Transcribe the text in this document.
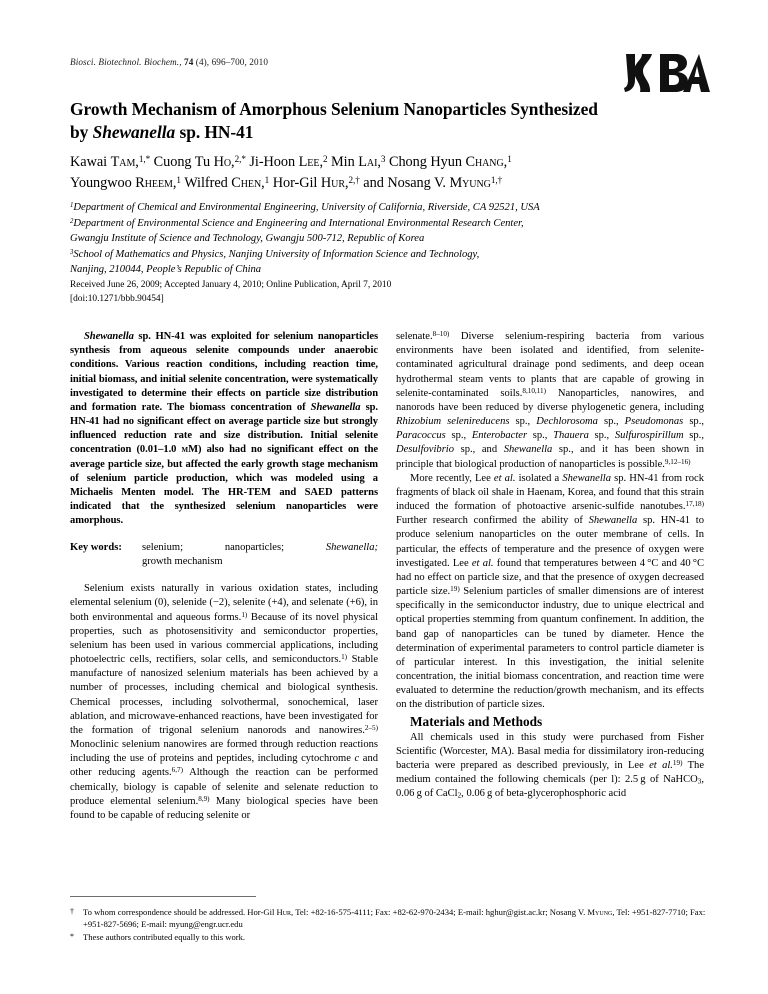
Biosci. Biotechnol. Biochem., 74 (4), 696–700, 2010
Growth Mechanism of Amorphous Selenium Nanoparticles Synthesized
by Shewanella sp. HN-41
Kawai Tam,$^{1,*}$ Cuong Tu Ho,$^{2,*}$ Ji-Hoon Lee,$^2$ Min Lai,$^3$ Chong Hyun Chang,$^1$
Youngwoo Rheem,$^1$ Wilfred Chen,$^1$ Hor-Gil Hur,$^{2,\dagger}$ and Nosang V. Myung$^{1,\dagger}$
$^1$Department of Chemical and Environmental Engineering, University of California, Riverside, CA 92521, USA
$^2$Department of Environmental Science and Engineering and International Environmental Research Center,
Gwangju Institute of Science and Technology, Gwangju 500-712, Republic of Korea
$^3$School of Mathematics and Physics, Nanjing University of Information Science and Technology,
Nanjing, 210044, People’s Republic of China
Received June 26, 2009; Accepted January 4, 2010; Online Publication, April 7, 2010
[doi:10.1271/bbb.90454]

Shewanella sp. HN-41 was exploited for selenium nanoparticles synthesis from aqueous selenite compounds under anaerobic conditions. Various reaction conditions, including reaction time, initial biomass, and initial selenite concentration, were systematically investigated to determine their effects on particle size distribution and formation rate. The biomass concentration of Shewanella sp. HN-41 had no significant effect on average particle size but strongly influenced reduction rate and size distribution. Initial selenite concentration (0.01–1.0 mM) also had no significant effect on the average particle size, but affected the early growth stage mechanism of selenium particle production, which was modeled using a Michaelis Menten model. The HR-TEM and SAED patterns indicated that the synthesized selenium nanoparticles were amorphous.

Key words:	selenium;	nanoparticles;	Shewanella;
growth mechanism

Selenium exists naturally in various oxidation states, including elemental selenium (0), selenide (−2), selenite (+4), and selenate (+6), in both environmental and aqueous forms.$^{1)}$ Because of its novel physical properties, such as photosensitivity and semiconductor properties, selenium has been used in various commercial applications, including photoelectric cells, rectifiers, solar cells, and semiconductors.$^{1)}$ Stable manufacture of nanosized selenium materials has been achieved by a number of processes, including chemical and biological synthesis. Chemical processes, including solvothermal, sonochemical, laser ablation, and microwave-enhanced reactions, have been investigated for the formation of trigonal selenium nanorods and nanowires.$^{2-5)}$ Monoclinic selenium nanowires are formed through reduction reactions including the use of proteins and peptides, including cytochrome c and other reducing agents.$^{6,7)}$ Although the reaction can be performed chemically, biology is capable of selenite and selenate reduction to produce elemental selenium.$^{8,9)}$ Many biological species have been found to be capable of reducing selenite or

selenate.$^{8-10)}$ Diverse selenium-respiring bacteria from various environments have been isolated and identified, from selenite-contaminated agricultural drainage pond sediments, and deep ocean hydrothermal steam vents to plants that are capable of growing in selenite-contaminated soils.$^{8,10,11)}$ Nanoparticles, nanowires, and nanorods have been reduced by diverse phylogenetic genera, including Rhizobium selenireducens sp., Dechlorosoma sp., Pseudomonas sp., Paracoccus sp., Enterobacter sp., Thauera sp., Sulfurospirillum sp., Desulfovibrio sp., and Shewanella sp., and it has been shown in principle that biological production of nanoparticles is possible.$^{9,12-16)}$

More recently, Lee et al. isolated a Shewanella sp. HN-41 from rock fragments of black oil shale in Haenam, Korea, and found that this strain induced the formation of photoactive arsenic-sulfide nanotubes.$^{17,18)}$ Further research confirmed the ability of Shewanella sp. HN-41 to produce selenium nanoparticles on the outer membrane of cells. In particular, the effects of temperature and the presence of oxygen were investigated. Lee et al. found that temperatures between 4 °C and 40 °C had no effect on particle size, and that the presence of oxygen decreased particle size.$^{19)}$ Selenium particles of smaller dimensions are of interest specifically in the semiconductor industry, due to unique electrical and optical properties stemming from quantum confinement. In addition, the band gap of nanoparticles can be tuned by diameter. Hence the determination of experimental parameters to control particle diameter is of particular interest. In this investigation, the initial selenite concentration, the initial biomass concentration, and reaction time were evaluated to determine the reduction/growth mechanism, and its effects on the distribution of particle sizes.

Materials and Methods

All chemicals used in this study were purchased from Fisher Scientific (Worcester, MA). Basal media for dissimilatory iron-reducing bacteria were prepared as described previously, in Lee et al.$^{19)}$ The medium contained the following chemicals (per l): 2.5 g of NaHCO$_3$, 0.06 g of CaCl$_2$, 0.06 g of beta-glycerophosphoric acid

†	To whom correspondence should be addressed. Hor-Gil Hur, Tel: +82-16-575-4111; Fax: +82-62-970-2434; E-mail: hghur@gist.ac.kr; Nosang V. Myung, Tel: +951-827-7710; Fax: +951-827-5696; E-mail: myung@engr.ucr.edu
*	These authors contributed equally to this work.
